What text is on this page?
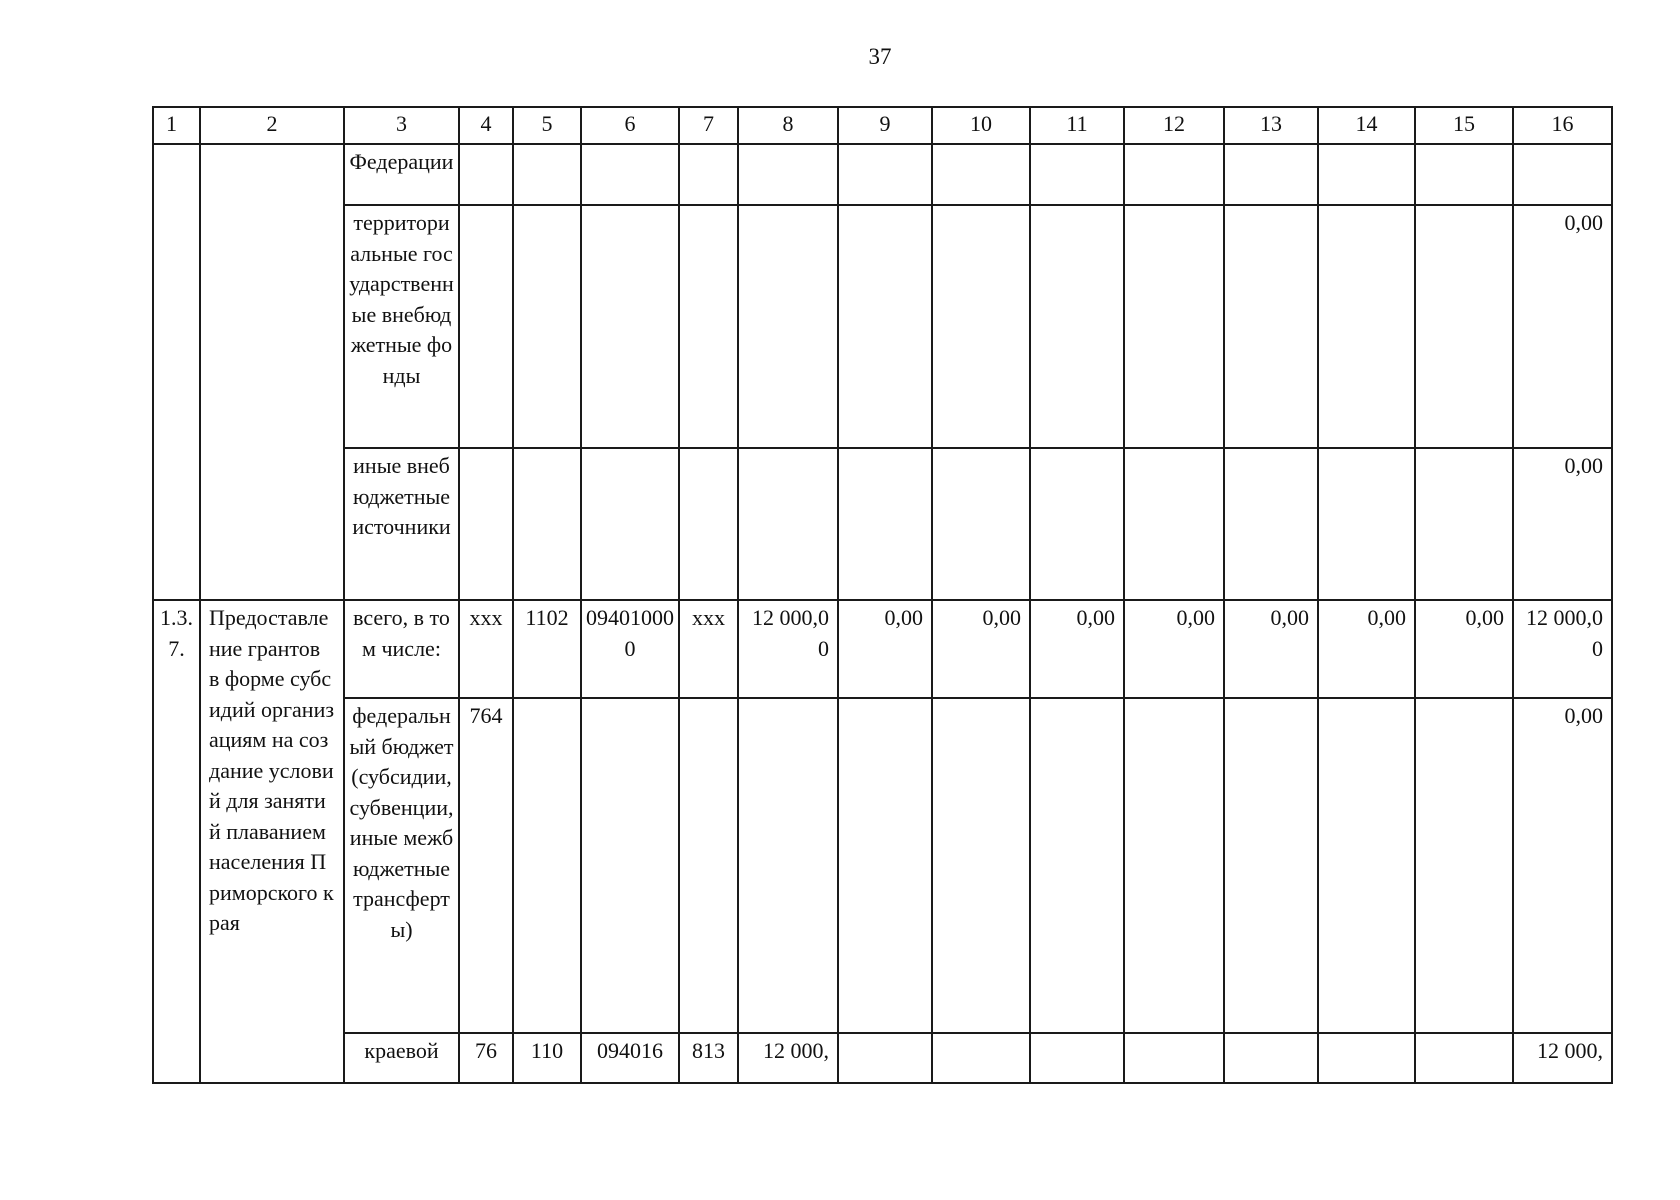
37
1	2	3	4	5	6	7	8	9	10	11	12	13	14	15	16
		Федерации													
		территориальные государственные внебюджетные фонды													0,00
		иные внебюджетные источники													0,00
1.3.7.	Предоставление грантов в форме субсидий организациям на создание условий для занятий плаванием населения Приморского края	всего, в том числе:	ххх	1102	094010000	ххх	12 000,00	0,00	0,00	0,00	0,00	0,00	0,00	0,00	12 000,00
		федеральный бюджет (субсидии, субвенции, иные межбюджетные трансферты)	764												0,00
		краевой	76	110	094016	813	12 000,								12 000,
